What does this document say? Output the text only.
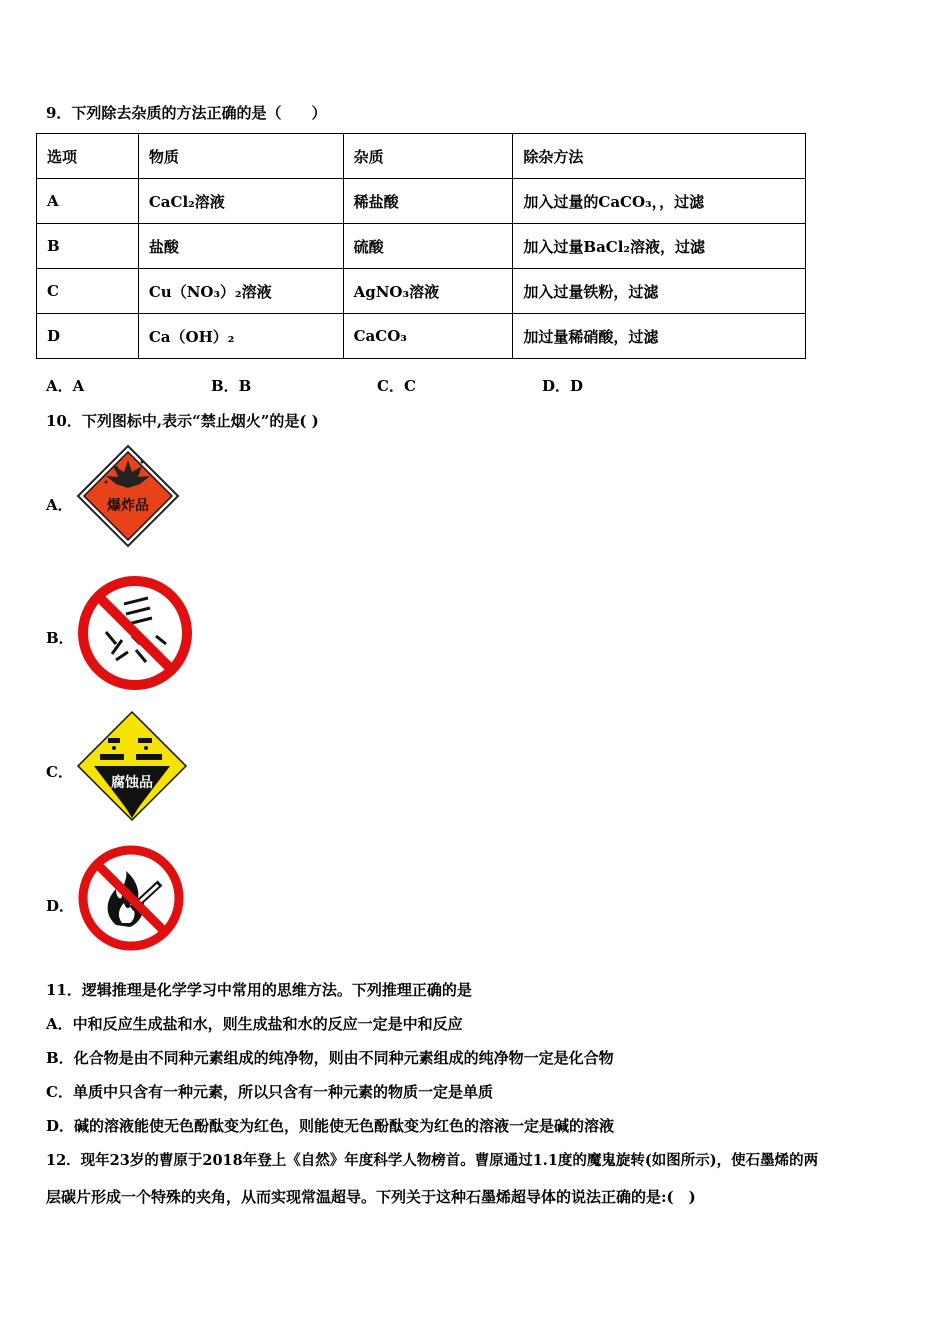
9．下列除去杂质的方法正确的是（　　）
选项	物质	杂质	除杂方法
A	CaCl₂溶液	稀盐酸	加入过量的CaCO₃，，过滤
B	盐酸	硫酸	加入过量BaCl₂溶液，过滤
C	Cu（NO₃）₂溶液	AgNO₃溶液	加入过量铁粉，过滤
D	Ca（OH）₂	CaCO₃	加过量稀硝酸，过滤
A．A	B．B	C．C	D．D
10．下列图标中,表示“禁止烟火”的是( )
A． 爆炸品
B．
C．
腐蚀品
D．
11．逻辑推理是化学学习中常用的思维方法。下列推理正确的是
A．中和反应生成盐和水，则生成盐和水的反应一定是中和反应
B．化合物是由不同种元素组成的纯净物，则由不同种元素组成的纯净物一定是化合物
C．单质中只含有一种元素，所以只含有一种元素的物质一定是单质
D．碱的溶液能使无色酚酞变为红色，则能使无色酚酞变为红色的溶液一定是碱的溶液
12．现年23岁的曹原于2018年登上《自然》年度科学人物榜首。曹原通过1.1度的魔鬼旋转(如图所示)，使石墨烯的两
层碳片形成一个特殊的夹角，从而实现常温超导。下列关于这种石墨烯超导体的说法正确的是:(　)
